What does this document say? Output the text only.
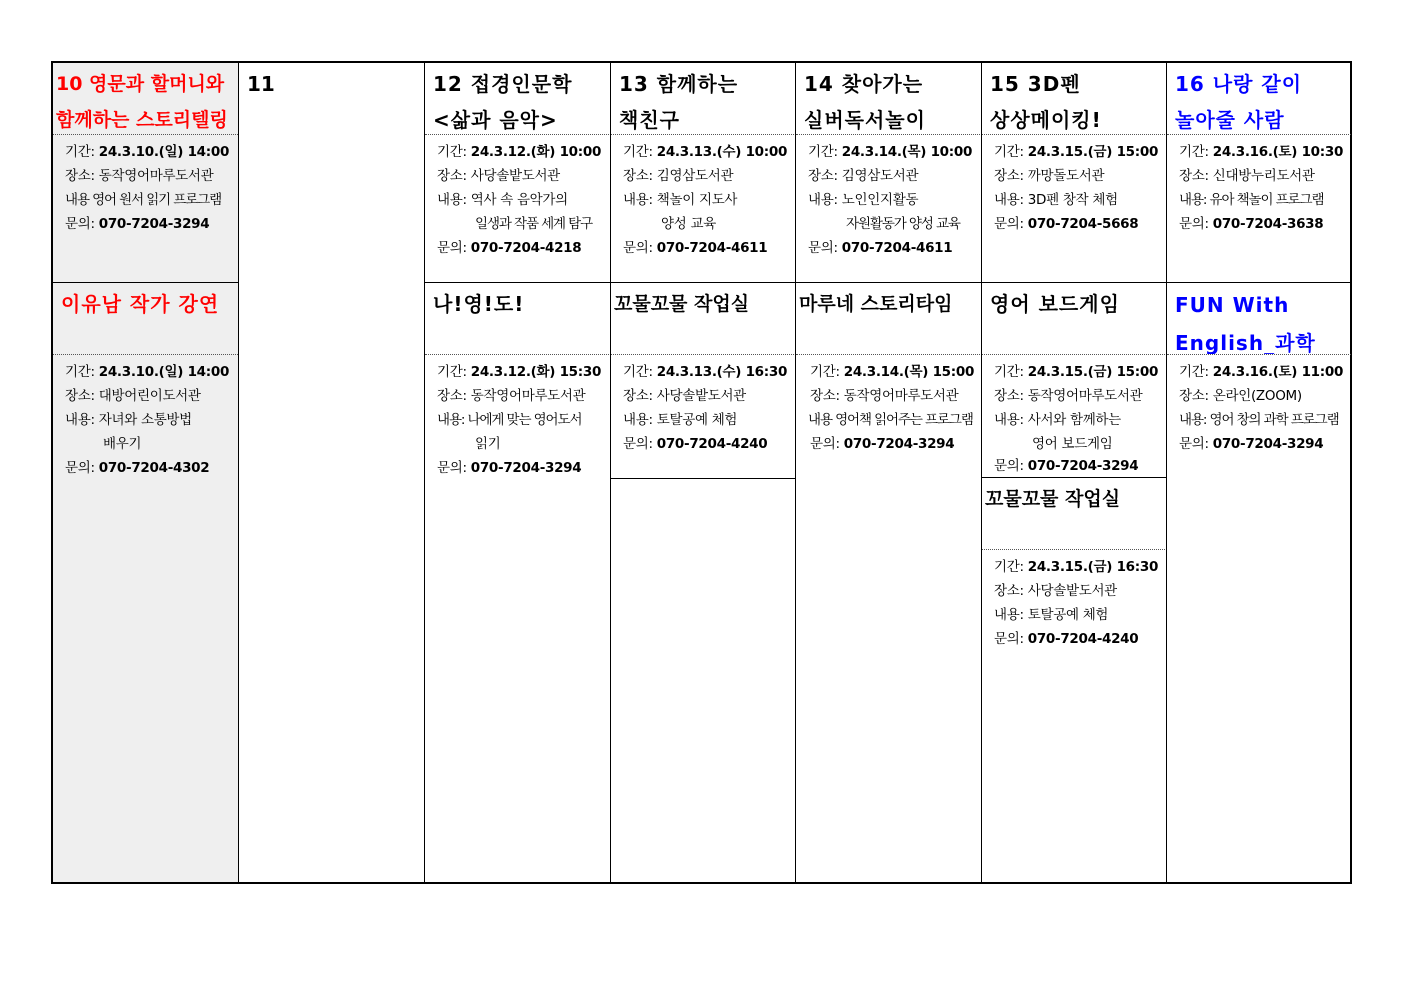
10 영문과 할머니와
함께하는 스토리텔링
기간: 24.3.10.(일) 14:00
장소: 동작영어마루도서관
내용 영어 원서 읽기 프로그램
문의: 070-7204-3294
이유남 작가 강연
기간: 24.3.10.(일) 14:00
장소: 대방어린이도서관
내용: 자녀와 소통방법
배우기
문의: 070-7204-4302
11	12 접경인문학
<삶과 음악>
기간: 24.3.12.(화) 10:00
장소: 사당솔밭도서관
내용: 역사 속 음악가의
일생과 작품 세계 탐구
문의: 070-7204-4218
나!영!도!
기간: 24.3.12.(화) 15:30
장소: 동작영어마루도서관
내용: 나에게 맞는 영어도서
읽기
문의: 070-7204-3294
13 함께하는
책친구
기간: 24.3.13.(수) 10:00
장소: 김영삼도서관
내용: 책놀이 지도사
양성 교육
문의: 070-7204-4611
꼬물꼬물 작업실
기간: 24.3.13.(수) 16:30
장소: 사당솔밭도서관
내용: 토탈공예 체험
문의: 070-7204-4240
14 찾아가는
실버독서놀이
기간: 24.3.14.(목) 10:00
장소: 김영삼도서관
내용: 노인인지활동
자원활동가 양성 교육
문의: 070-7204-4611
마루네 스토리타임
기간: 24.3.14.(목) 15:00
장소: 동작영어마루도서관
내용 영어책 읽어주는 프로그램
문의: 070-7204-3294
15 3D펜
상상메이킹!
기간: 24.3.15.(금) 15:00
장소: 까망돌도서관
내용: 3D펜 창작 체험
문의: 070-7204-5668
영어 보드게임
기간: 24.3.15.(금) 15:00
장소: 동작영어마루도서관
내용: 사서와 함께하는
영어 보드게임
문의: 070-7204-3294
꼬물꼬물 작업실
기간: 24.3.15.(금) 16:30
장소: 사당솔밭도서관
내용: 토탈공예 체험
문의: 070-7204-4240
16 나랑 같이
놀아줄 사람
기간: 24.3.16.(토) 10:30
장소: 신대방누리도서관
내용: 유아 책놀이 프로그램
문의: 070-7204-3638
FUN With
English_과학
기간: 24.3.16.(토) 11:00
장소: 온라인(ZOOM)
내용: 영어 창의 과학 프로그램
문의: 070-7204-3294
